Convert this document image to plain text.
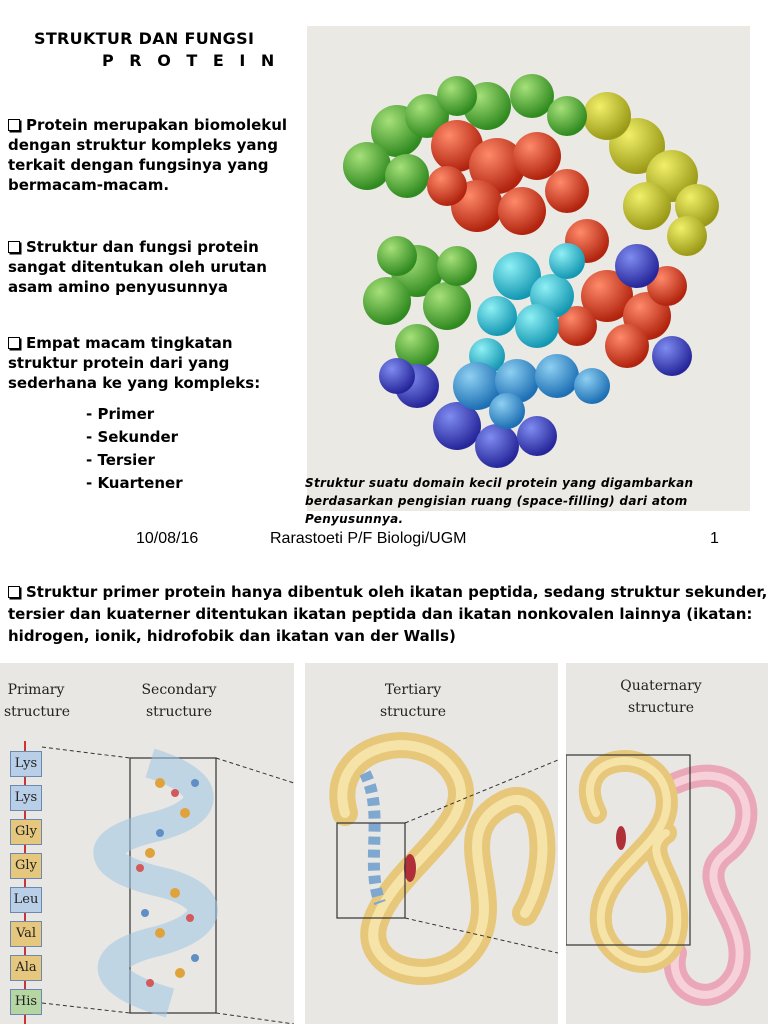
STRUKTUR DAN FUNGSI
P R O T E I N
Protein merupakan biomolekul dengan struktur kompleks yang terkait dengan fungsinya yang bermacam-macam.
Struktur dan fungsi protein sangat ditentukan oleh urutan asam amino penyusunnya
Empat macam tingkatan struktur protein dari yang sederhana ke yang kompleks:
- Primer
- Sekunder
- Tersier
- Kuartener	Struktur suatu domain kecil protein yang digambarkan berdasarkan pengisian ruang (space-filling) dari atom Penyusunnya.
10/08/16	Rarastoeti P/F Biologi/UGM	1
Struktur primer protein hanya dibentuk oleh ikatan peptida, sedang struktur sekunder, tersier dan kuaterner ditentukan ikatan peptida dan ikatan nonkovalen lainnya (ikatan: hidrogen, ionik, hidrofobik dan ikatan van der Walls)
Primary structure
Secondary structure
Lys
Lys
Gly
Gly
Leu
Val
Ala
His
Tertiary structure
Quaternary structure
